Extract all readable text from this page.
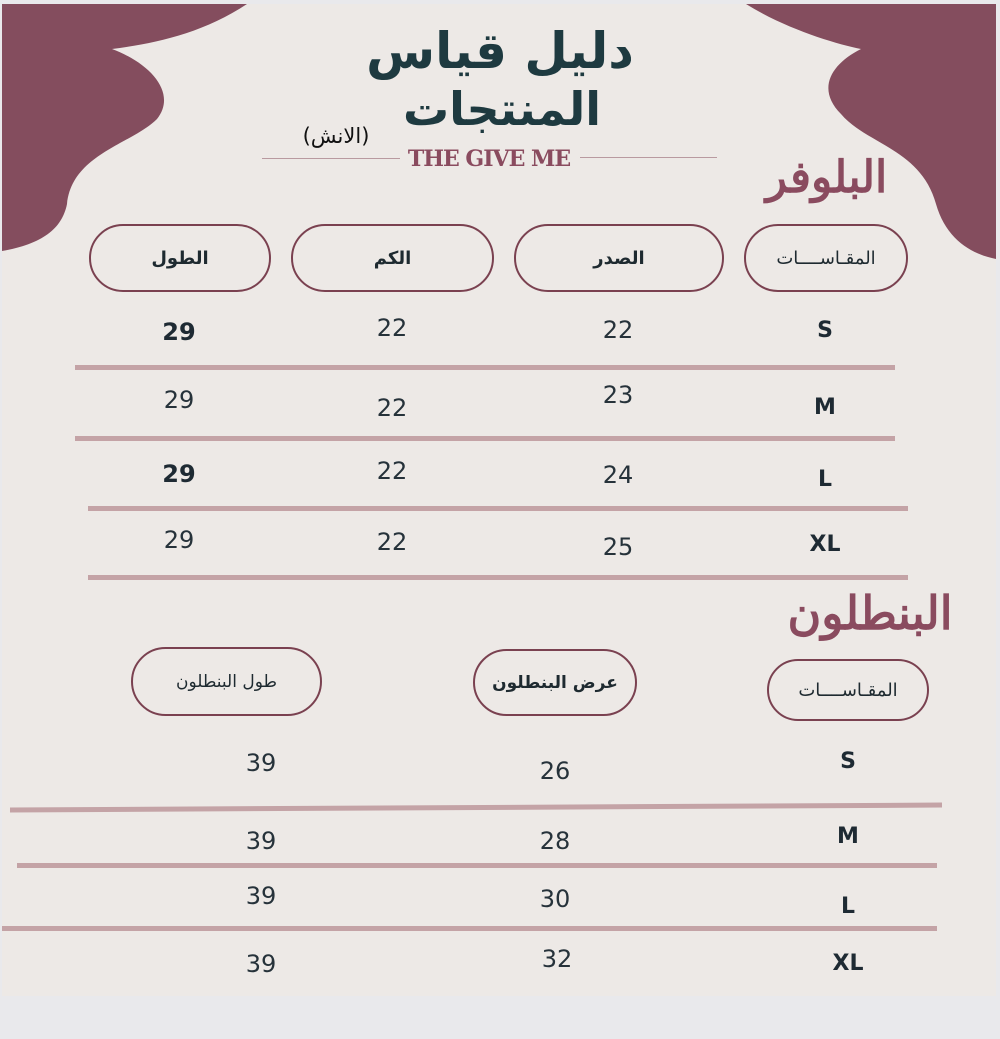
دليل قياس
المنتجات
(الانش)
THE GIVE ME	البلوفر
المقـاســــات
الصدر
الكم
الطول
S
22
22
29
M
23
22
29
L
24
22
29
XL
25
22
29
البنطلون
المقـاســــات
عرض البنطلون
طول البنطلون
S
26
39
M
28
39
L
30
39
XL
32
39
